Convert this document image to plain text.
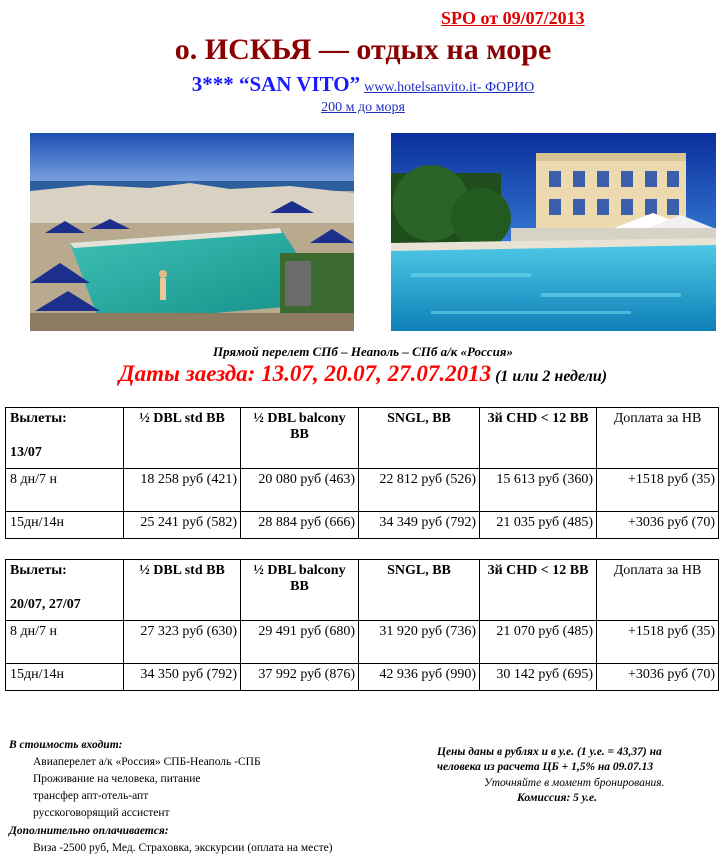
SPO от 09/07/2013
о. ИСКЬЯ — отдых на море
3*** “SAN VITO” www.hotelsanvito.it- ФОРИО
200 м до моря
Прямой перелет СПб – Неаполь – СПб а/к «Россия»
Даты заезда: 13.07, 20.07, 27.07.2013 (1 или 2 недели)
Вылеты:
13/07	½ DBL std BB	½ DBL balcony BB	SNGL, BB	3й CHD < 12 BB	Доплата за НВ
8 дн/7 н	18 258 руб (421)	20 080 руб (463)	22 812 руб (526)	15 613 руб (360)	+1518 руб (35)
15дн/14н	25 241 руб (582)	28 884 руб (666)	34 349 руб (792)	21 035 руб (485)	+3036 руб (70)
Вылеты:
20/07, 27/07	½ DBL std BB	½ DBL balcony BB	SNGL, BB	3й CHD < 12 BB	Доплата за НВ
8 дн/7 н	27 323 руб (630)	29 491 руб (680)	31 920 руб (736)	21 070 руб (485)	+1518 руб (35)
15дн/14н	34 350 руб (792)	37 992 руб (876)	42 936 руб (990)	30 142 руб (695)	+3036 руб (70)
В стоимость входит:
Авиаперелет а/к «Россия» СПБ-Неаполь -СПБ
Проживание на человека, питание
трансфер апт-отель-апт
русскоговорящий ассистент
Дополнительно оплачивается:
Виза -2500 руб, Мед. Страховка, экскурсии (оплата на месте)
Цены даны в рублях и в у.е. (1 у.е. = 43,37) на
человека из расчета ЦБ + 1,5% на 09.07.13
Уточняйте в момент бронирования.
Комиссия: 5 у.е.
